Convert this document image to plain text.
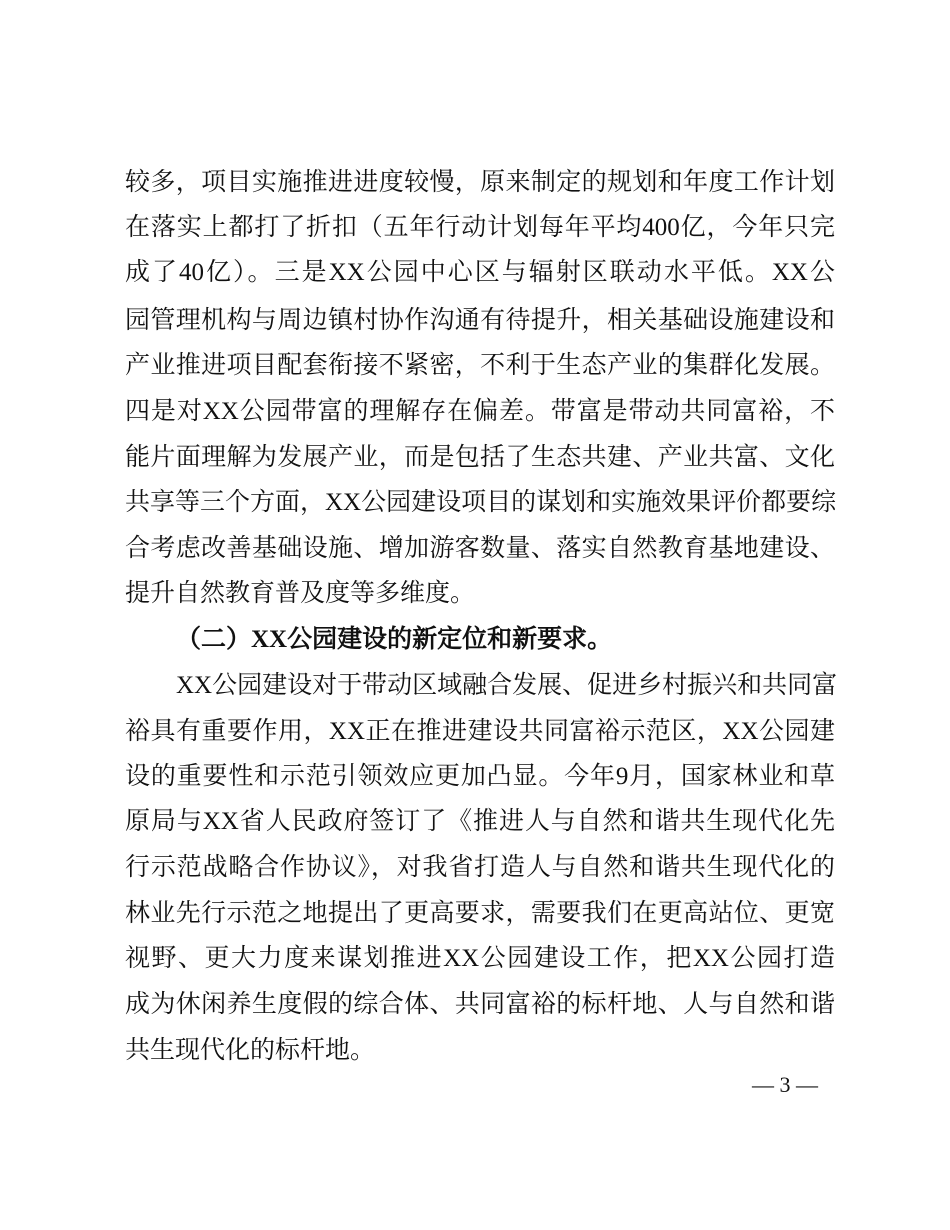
较多，项目实施推进进度较慢，原来制定的规划和年度工作计划
在落实上都打了折扣（五年行动计划每年平均400亿，今年只完
成了40亿）。三是XX公园中心区与辐射区联动水平低。XX公
园管理机构与周边镇村协作沟通有待提升，相关基础设施建设和
产业推进项目配套衔接不紧密，不利于生态产业的集群化发展。
四是对XX公园带富的理解存在偏差。带富是带动共同富裕，不
能片面理解为发展产业，而是包括了生态共建、产业共富、文化
共享等三个方面，XX公园建设项目的谋划和实施效果评价都要综
合考虑改善基础设施、增加游客数量、落实自然教育基地建设、
提升自然教育普及度等多维度。
（二）XX公园建设的新定位和新要求。
XX公园建设对于带动区域融合发展、促进乡村振兴和共同富
裕具有重要作用，XX正在推进建设共同富裕示范区，XX公园建
设的重要性和示范引领效应更加凸显。今年9月，国家林业和草
原局与XX省人民政府签订了《推进人与自然和谐共生现代化先
行示范战略合作协议》，对我省打造人与自然和谐共生现代化的
林业先行示范之地提出了更高要求，需要我们在更高站位、更宽
视野、更大力度来谋划推进XX公园建设工作，把XX公园打造
成为休闲养生度假的综合体、共同富裕的标杆地、人与自然和谐
共生现代化的标杆地。
— 3 —
